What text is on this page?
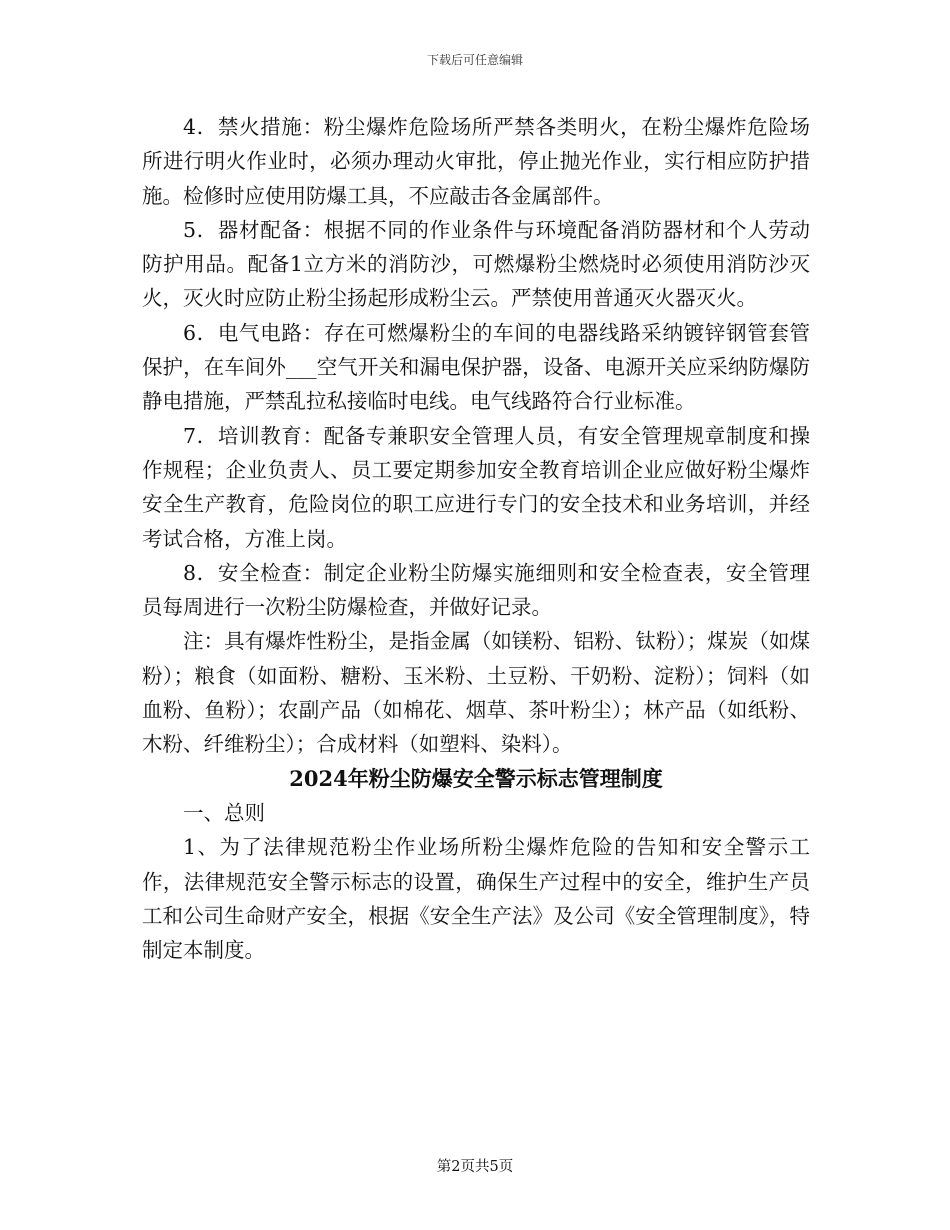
下载后可任意编辑

4．禁火措施：粉尘爆炸危险场所严禁各类明火，在粉尘爆炸危险场所进行明火作业时，必须办理动火审批，停止抛光作业，实行相应防护措施。检修时应使用防爆工具，不应敲击各金属部件。

5．器材配备：根据不同的作业条件与环境配备消防器材和个人劳动防护用品。配备1立方米的消防沙，可燃爆粉尘燃烧时必须使用消防沙灭火，灭火时应防止粉尘扬起形成粉尘云。严禁使用普通灭火器灭火。

6．电气电路：存在可燃爆粉尘的车间的电器线路采纳镀锌钢管套管保护，在车间外___空气开关和漏电保护器，设备、电源开关应采纳防爆防静电措施，严禁乱拉私接临时电线。电气线路符合行业标准。

7．培训教育：配备专兼职安全管理人员，有安全管理规章制度和操作规程；企业负责人、员工要定期参加安全教育培训企业应做好粉尘爆炸安全生产教育，危险岗位的职工应进行专门的安全技术和业务培训，并经考试合格，方准上岗。

8．安全检查：制定企业粉尘防爆实施细则和安全检查表，安全管理员每周进行一次粉尘防爆检查，并做好记录。

注：具有爆炸性粉尘，是指金属（如镁粉、铝粉、钛粉）；煤炭（如煤粉）；粮食（如面粉、糖粉、玉米粉、土豆粉、干奶粉、淀粉）；饲料（如血粉、鱼粉）；农副产品（如棉花、烟草、茶叶粉尘）；林产品（如纸粉、木粉、纤维粉尘）；合成材料（如塑料、染料）。

2024年粉尘防爆安全警示标志管理制度

一、总则

1、为了法律规范粉尘作业场所粉尘爆炸危险的告知和安全警示工作，法律规范安全警示标志的设置，确保生产过程中的安全，维护生产员工和公司生命财产安全，根据《安全生产法》及公司《安全管理制度》，特制定本制度。

第2页共5页
